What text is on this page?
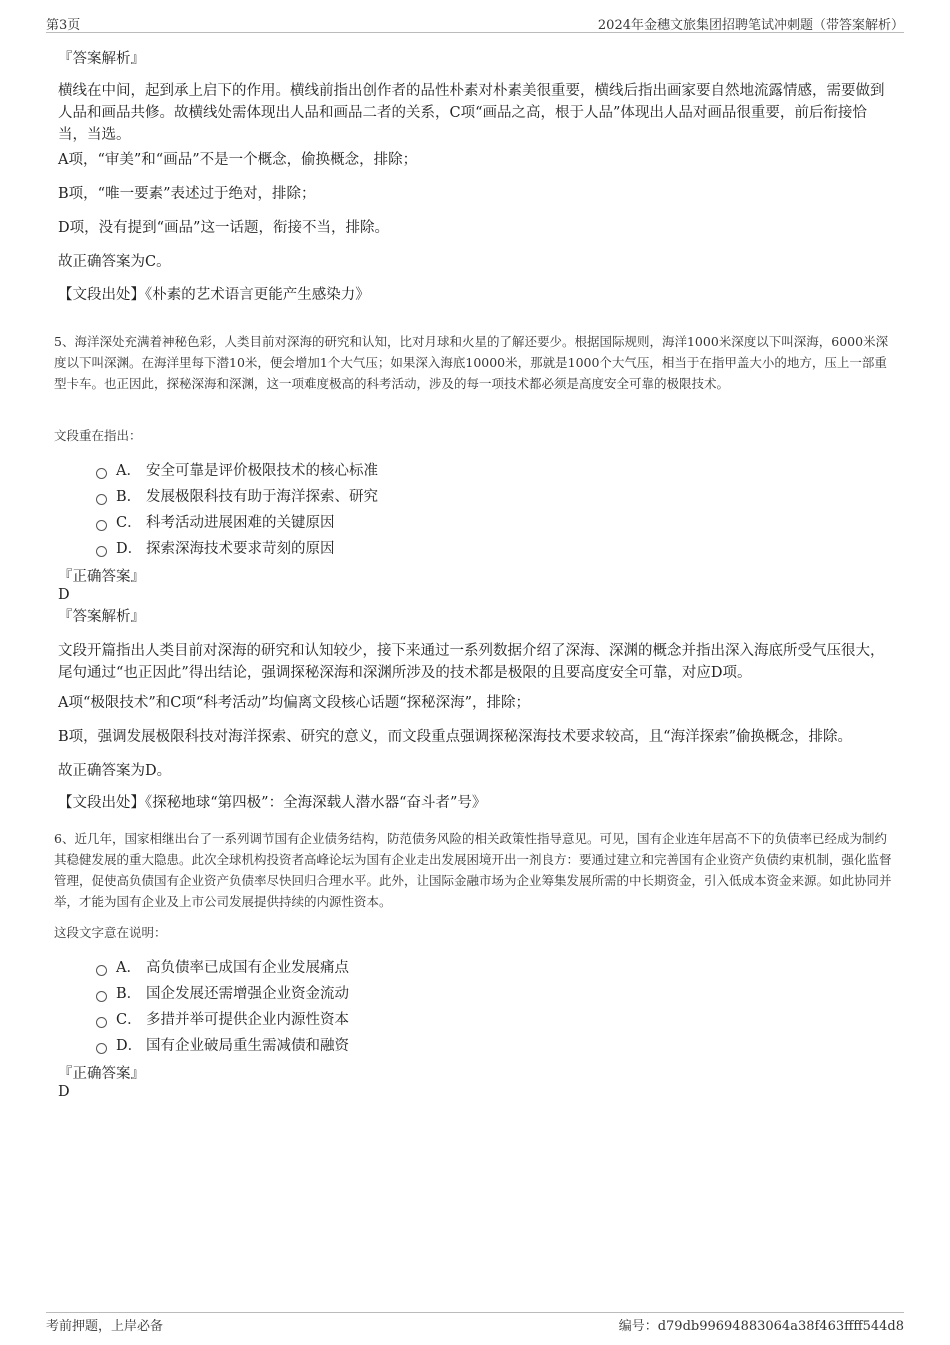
第3页	2024年金穗文旅集团招聘笔试冲刺题（带答案解析）
『答案解析』
横线在中间，起到承上启下的作用。横线前指出创作者的品性朴素对朴素美很重要，横线后指出画家要自然地流露情感，需要做到人品和画品共修。故横线处需体现出人品和画品二者的关系，C项“画品之高，根于人品”体现出人品对画品很重要，前后衔接恰当，当选。
A项，“审美”和“画品”不是一个概念，偷换概念，排除；
B项，“唯一要素”表述过于绝对，排除；
D项，没有提到“画品”这一话题，衔接不当，排除。
故正确答案为C。
【文段出处】《朴素的艺术语言更能产生感染力》
5、海洋深处充满着神秘色彩，人类目前对深海的研究和认知，比对月球和火星的了解还要少。根据国际规则，海洋1000米深度以下叫深海，6000米深度以下叫深渊。在海洋里每下潜10米，便会增加1个大气压；如果深入海底10000米，那就是1000个大气压，相当于在指甲盖大小的地方，压上一部重型卡车。也正因此，探秘深海和深渊，这一项难度极高的科考活动，涉及的每一项技术都必须是高度安全可靠的极限技术。
文段重在指出：
A． 安全可靠是评价极限技术的核心标准
B． 发展极限科技有助于海洋探索、研究
C． 科考活动进展困难的关键原因
D． 探索深海技术要求苛刻的原因
『正确答案』
D
『答案解析』
文段开篇指出人类目前对深海的研究和认知较少，接下来通过一系列数据介绍了深海、深渊的概念并指出深入海底所受气压很大，尾句通过“也正因此”得出结论，强调探秘深海和深渊所涉及的技术都是极限的且要高度安全可靠，对应D项。
A项“极限技术”和C项“科考活动”均偏离文段核心话题“探秘深海”，排除；
B项，强调发展极限科技对海洋探索、研究的意义，而文段重点强调探秘深海技术要求较高，且“海洋探索”偷换概念，排除。
故正确答案为D。
【文段出处】《探秘地球“第四极”：全海深载人潜水器“奋斗者”号》
6、近几年，国家相继出台了一系列调节国有企业债务结构，防范债务风险的相关政策性指导意见。可见，国有企业连年居高不下的负债率已经成为制约其稳健发展的重大隐患。此次全球机构投资者高峰论坛为国有企业走出发展困境开出一剂良方：要通过建立和完善国有企业资产负债约束机制，强化监督管理，促使高负债国有企业资产负债率尽快回归合理水平。此外，让国际金融市场为企业筹集发展所需的中长期资金，引入低成本资金来源。如此协同并举，才能为国有企业及上市公司发展提供持续的内源性资本。
这段文字意在说明：
A． 高负债率已成国有企业发展痛点
B． 国企发展还需增强企业资金流动
C． 多措并举可提供企业内源性资本
D． 国有企业破局重生需减债和融资
『正确答案』
D
考前押题，上岸必备	编号：d79db99694883064a38f463ffff544d8
